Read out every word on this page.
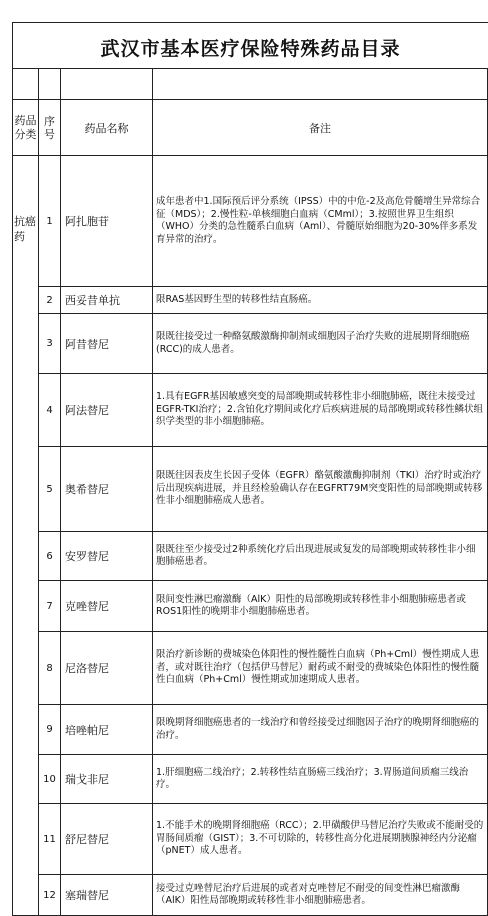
武汉市基本医疗保险特殊药品目录

药品分类	序号	药品名称	备注
抗癌药	1	阿扎胞苷	成年患者中1.国际预后评分系统（IPSS）中的中危-2及高危骨髓增生异常综合征（MDS）；2.慢性粒-单核细胞白血病（CMml）；3.按照世界卫生组织（WHO）分类的急性髓系白血病（Aml）、骨髓原始细胞为20-30%伴多系发育异常的治疗。
	2	西妥昔单抗	限RAS基因野生型的转移性结直肠癌。
	3	阿昔替尼	限既往接受过一种酪氨酸激酶抑制剂或细胞因子治疗失败的进展期肾细胞癌(RCC)的成人患者。
	4	阿法替尼	1.具有EGFR基因敏感突变的局部晚期或转移性非小细胞肺癌，既往未接受过EGFR-TKI治疗；2.含铂化疗期间或化疗后疾病进展的局部晚期或转移性鳞状组织学类型的非小细胞肺癌。
	5	奥希替尼	限既往因表皮生长因子受体（EGFR）酪氨酸激酶抑制剂（TKI）治疗时或治疗后出现疾病进展，并且经检验确认存在EGFRT79M突变阳性的局部晚期或转移性非小细胞肺癌成人患者。
	6	安罗替尼	限既往至少接受过2种系统化疗后出现进展或复发的局部晚期或转移性非小细胞肺癌患者。
	7	克唑替尼	限间变性淋巴瘤激酶（AlK）阳性的局部晚期或转移性非小细胞肺癌患者或ROS1阳性的晚期非小细胞肺癌患者。
	8	尼洛替尼	限治疗新诊断的费城染色体阳性的慢性髓性白血病（Ph+Cml）慢性期成人患者，或对既往治疗（包括伊马替尼）耐药或不耐受的费城染色体阳性的慢性髓性白血病（Ph+Cml）慢性期或加速期成人患者。
	9	培唑帕尼	限晚期肾细胞癌患者的一线治疗和曾经接受过细胞因子治疗的晚期肾细胞癌的治疗。
	10	瑞戈非尼	1.肝细胞癌二线治疗；2.转移性结直肠癌三线治疗；3.胃肠道间质瘤三线治疗。
	11	舒尼替尼	1.不能手术的晚期肾细胞癌（RCC）；2.甲磺酸伊马替尼治疗失败或不能耐受的胃肠间质瘤（GIST）；3.不可切除的，转移性高分化进展期胰腺神经内分泌瘤（pNET）成人患者。
	12	塞瑞替尼	接受过克唑替尼治疗后进展的或者对克唑替尼不耐受的间变性淋巴瘤激酶（AlK）阳性局部晚期或转移性非小细胞肺癌患者。
